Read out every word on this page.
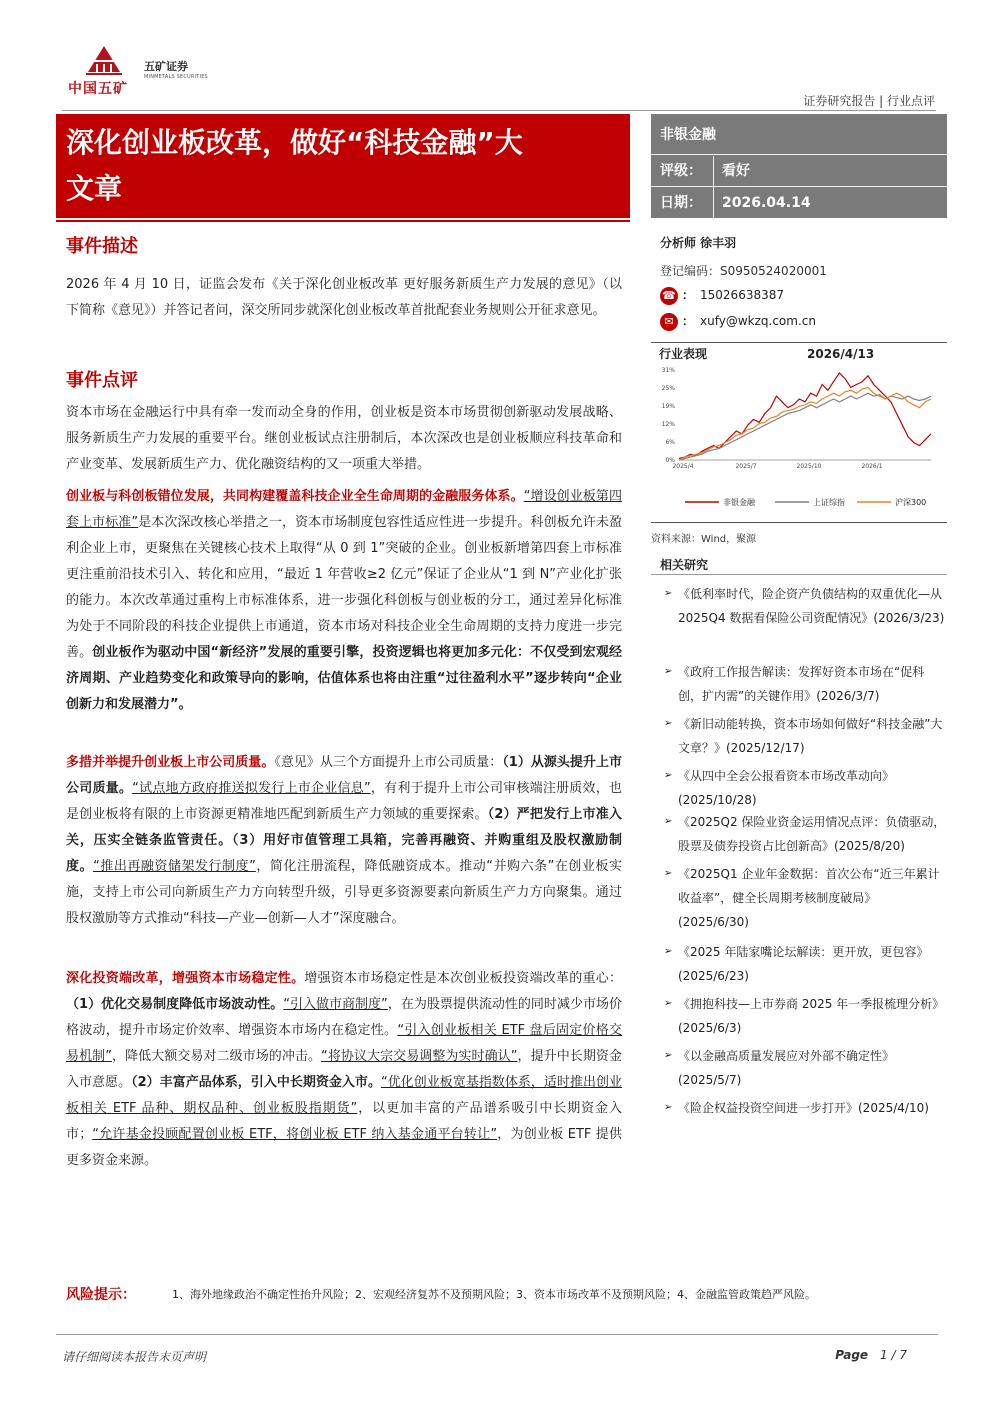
中国五矿
五矿证券
MINMETALS SECURITIES
证券研究报告 | 行业点评
深化创业板改革，做好“科技金融”大
文章
非银金融
评级： 看好
日期： 2026.04.14
事件描述
2026 年 4 月 10 日，证监会发布《关于深化创业板改革 更好服务新质生产力发展的意见》（以下简称《意见》）并答记者问，深交所同步就深化创业板改革首批配套业务规则公开征求意见。
事件点评
资本市场在金融运行中具有牵一发而动全身的作用，创业板是资本市场贯彻创新驱动发展战略、服务新质生产力发展的重要平台。继创业板试点注册制后，本次深改也是创业板顺应科技革命和产业变革、发展新质生产力、优化融资结构的又一项重大举措。
创业板与科创板错位发展，共同构建覆盖科技企业全生命周期的金融服务体系。“增设创业板第四套上市标准”是本次深改核心举措之一，资本市场制度包容性适应性进一步提升。科创板允许未盈利企业上市，更聚焦在关键核心技术上取得“从 0 到 1”突破的企业。创业板新增第四套上市标准更注重前沿技术引入、转化和应用，“最近 1 年营收≥2 亿元”保证了企业从“1 到 N”产业化扩张的能力。本次改革通过重构上市标准体系，进一步强化科创板与创业板的分工，通过差异化标准为处于不同阶段的科技企业提供上市通道，资本市场对科技企业全生命周期的支持力度进一步完善。创业板作为驱动中国“新经济”发展的重要引擎，投资逻辑也将更加多元化：不仅受到宏观经济周期、产业趋势变化和政策导向的影响，估值体系也将由注重“过往盈利水平”逐步转向“企业创新力和发展潜力”。
多措并举提升创业板上市公司质量。《意见》从三个方面提升上市公司质量：（1）从源头提升上市公司质量。“试点地方政府推送拟发行上市企业信息”，有利于提升上市公司审核端注册质效，也是创业板将有限的上市资源更精准地匹配到新质生产力领域的重要探索。（2）严把发行上市准入关，压实全链条监管责任。（3）用好市值管理工具箱，完善再融资、并购重组及股权激励制度。“推出再融资储架发行制度”，简化注册流程，降低融资成本。推动“并购六条”在创业板实施，支持上市公司向新质生产力方向转型升级，引导更多资源要素向新质生产力方向聚集。通过股权激励等方式推动“科技—产业—创新—人才”深度融合。
深化投资端改革，增强资本市场稳定性。增强资本市场稳定性是本次创业板投资端改革的重心：（1）优化交易制度降低市场波动性。“引入做市商制度”，在为股票提供流动性的同时减少市场价格波动，提升市场定价效率、增强资本市场内在稳定性。“引入创业板相关 ETF 盘后固定价格交易机制”，降低大额交易对二级市场的冲击。“将协议大宗交易调整为实时确认”，提升中长期资金入市意愿。（2）丰富产品体系，引入中长期资金入市。“优化创业板宽基指数体系，适时推出创业板相关 ETF 品种、期权品种、创业板股指期货”，以更加丰富的产品谱系吸引中长期资金入市；“允许基金投顾配置创业板 ETF，将创业板 ETF 纳入基金通平台转让”，为创业板 ETF 提供更多资金来源。
分析师 徐丰羽
登记编码：S0950524020001
☎ ： 15026638387
✉ ： xufy@wkzq.com.cn
行业表现	2026/4/13
31%
25%
19%
12%
6%
0%
2025/4	2025/7	2025/10	2026/1
非银金融	上证综指	沪深300
资料来源：Wind，聚源
相关研究
➢ 《低利率时代，险企资产负债结构的双重优化—从 2025Q4 数据看保险公司资配情况》(2026/3/23)
➢ 《政府工作报告解读：发挥好资本市场在“促科创，扩内需”的关键作用》(2026/3/7)
➢ 《新旧动能转换，资本市场如何做好“科技金融”大文章？》(2025/12/17)
➢ 《从四中全会公报看资本市场改革动向》(2025/10/28)
➢ 《2025Q2 保险业资金运用情况点评：负债驱动，股票及债券投资占比创新高》(2025/8/20)
➢ 《2025Q1 企业年金数据：首次公布“近三年累计收益率”，健全长周期考核制度破局》(2025/6/30)
➢ 《2025 年陆家嘴论坛解读：更开放，更包容》(2025/6/23)
➢ 《拥抱科技—上市券商 2025 年一季报梳理分析》(2025/6/3)
➢ 《以金融高质量发展应对外部不确定性》(2025/5/7)
➢ 《险企权益投资空间进一步打开》(2025/4/10)
风险提示：	1、海外地缘政治不确定性抬升风险；2、宏观经济复苏不及预期风险；3、资本市场改革不及预期风险；4、金融监管政策趋严风险。
请仔细阅读本报告末页声明	Page 1 / 7
